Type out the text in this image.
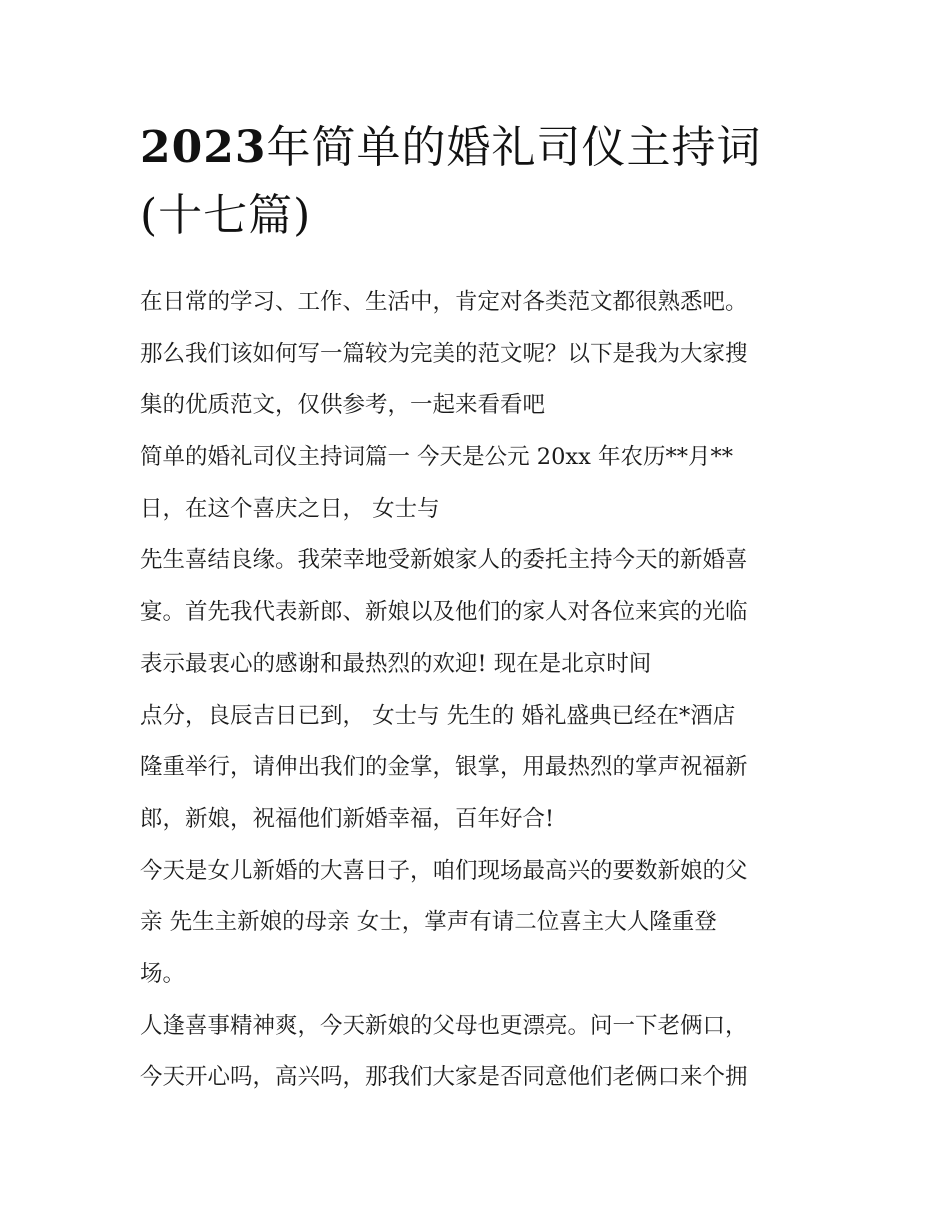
2023年简单的婚礼司仪主持词
(十七篇)
在日常的学习、工作、生活中，肯定对各类范文都很熟悉吧。
那么我们该如何写一篇较为完美的范文呢？以下是我为大家搜
集的优质范文，仅供参考，一起来看看吧
简单的婚礼司仪主持词篇一 今天是公元 20xx 年农历**月**
日，在这个喜庆之日， 女士与
先生喜结良缘。我荣幸地受新娘家人的委托主持今天的新婚喜
宴。首先我代表新郎、新娘以及他们的家人对各位来宾的光临
表示最衷心的感谢和最热烈的欢迎! 现在是北京时间
点分，良辰吉日已到， 女士与 先生的 婚礼盛典已经在*酒店
隆重举行，请伸出我们的金掌，银掌，用最热烈的掌声祝福新
郎，新娘，祝福他们新婚幸福，百年好合!
今天是女儿新婚的大喜日子，咱们现场最高兴的要数新娘的父
亲 先生主新娘的母亲 女士，掌声有请二位喜主大人隆重登
场。
人逢喜事精神爽，今天新娘的父母也更漂亮。问一下老俩口，
今天开心吗，高兴吗，那我们大家是否同意他们老俩口来个拥
